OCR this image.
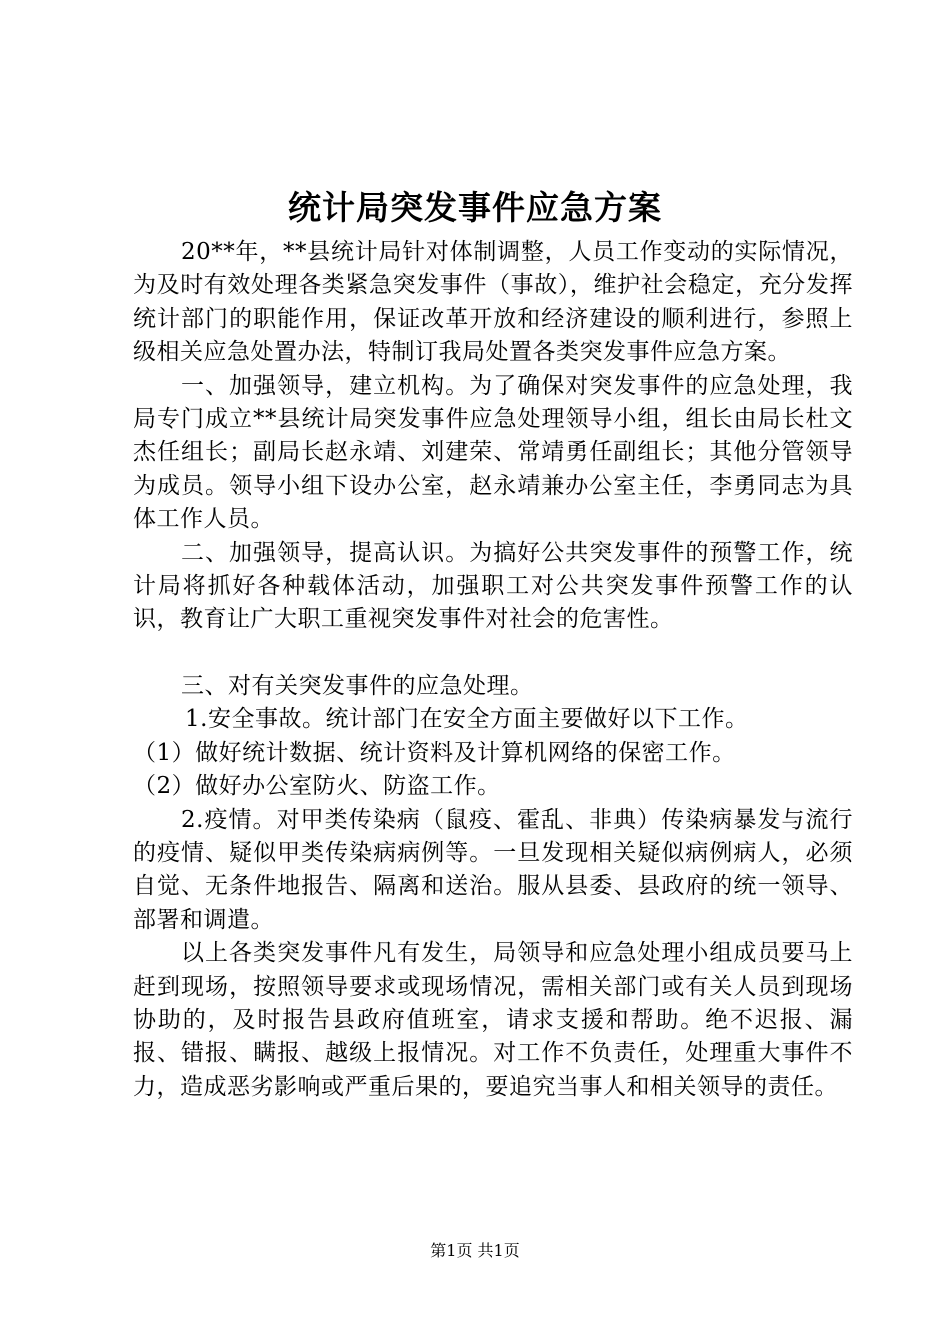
统计局突发事件应急方案

20**年，**县统计局针对体制调整，人员工作变动的实际情况，为及时有效处理各类紧急突发事件（事故），维护社会稳定，充分发挥统计部门的职能作用，保证改革开放和经济建设的顺利进行，参照上级相关应急处置办法，特制订我局处置各类突发事件应急方案。

一、加强领导，建立机构。为了确保对突发事件的应急处理，我局专门成立**县统计局突发事件应急处理领导小组，组长由局长杜文杰任组长；副局长赵永靖、刘建荣、常靖勇任副组长；其他分管领导为成员。领导小组下设办公室，赵永靖兼办公室主任，李勇同志为具体工作人员。

二、加强领导，提高认识。为搞好公共突发事件的预警工作，统计局将抓好各种载体活动，加强职工对公共突发事件预警工作的认识，教育让广大职工重视突发事件对社会的危害性。

三、对有关突发事件的应急处理。

1.安全事故。统计部门在安全方面主要做好以下工作。

（1）做好统计数据、统计资料及计算机网络的保密工作。

（2）做好办公室防火、防盗工作。

2.疫情。对甲类传染病（鼠疫、霍乱、非典）传染病暴发与流行的疫情、疑似甲类传染病病例等。一旦发现相关疑似病例病人，必须自觉、无条件地报告、隔离和送治。服从县委、县政府的统一领导、部署和调遣。

以上各类突发事件凡有发生，局领导和应急处理小组成员要马上赶到现场，按照领导要求或现场情况，需相关部门或有关人员到现场协助的，及时报告县政府值班室，请求支援和帮助。绝不迟报、漏报、错报、瞒报、越级上报情况。对工作不负责任，处理重大事件不力，造成恶劣影响或严重后果的，要追究当事人和相关领导的责任。

第1页 共1页
